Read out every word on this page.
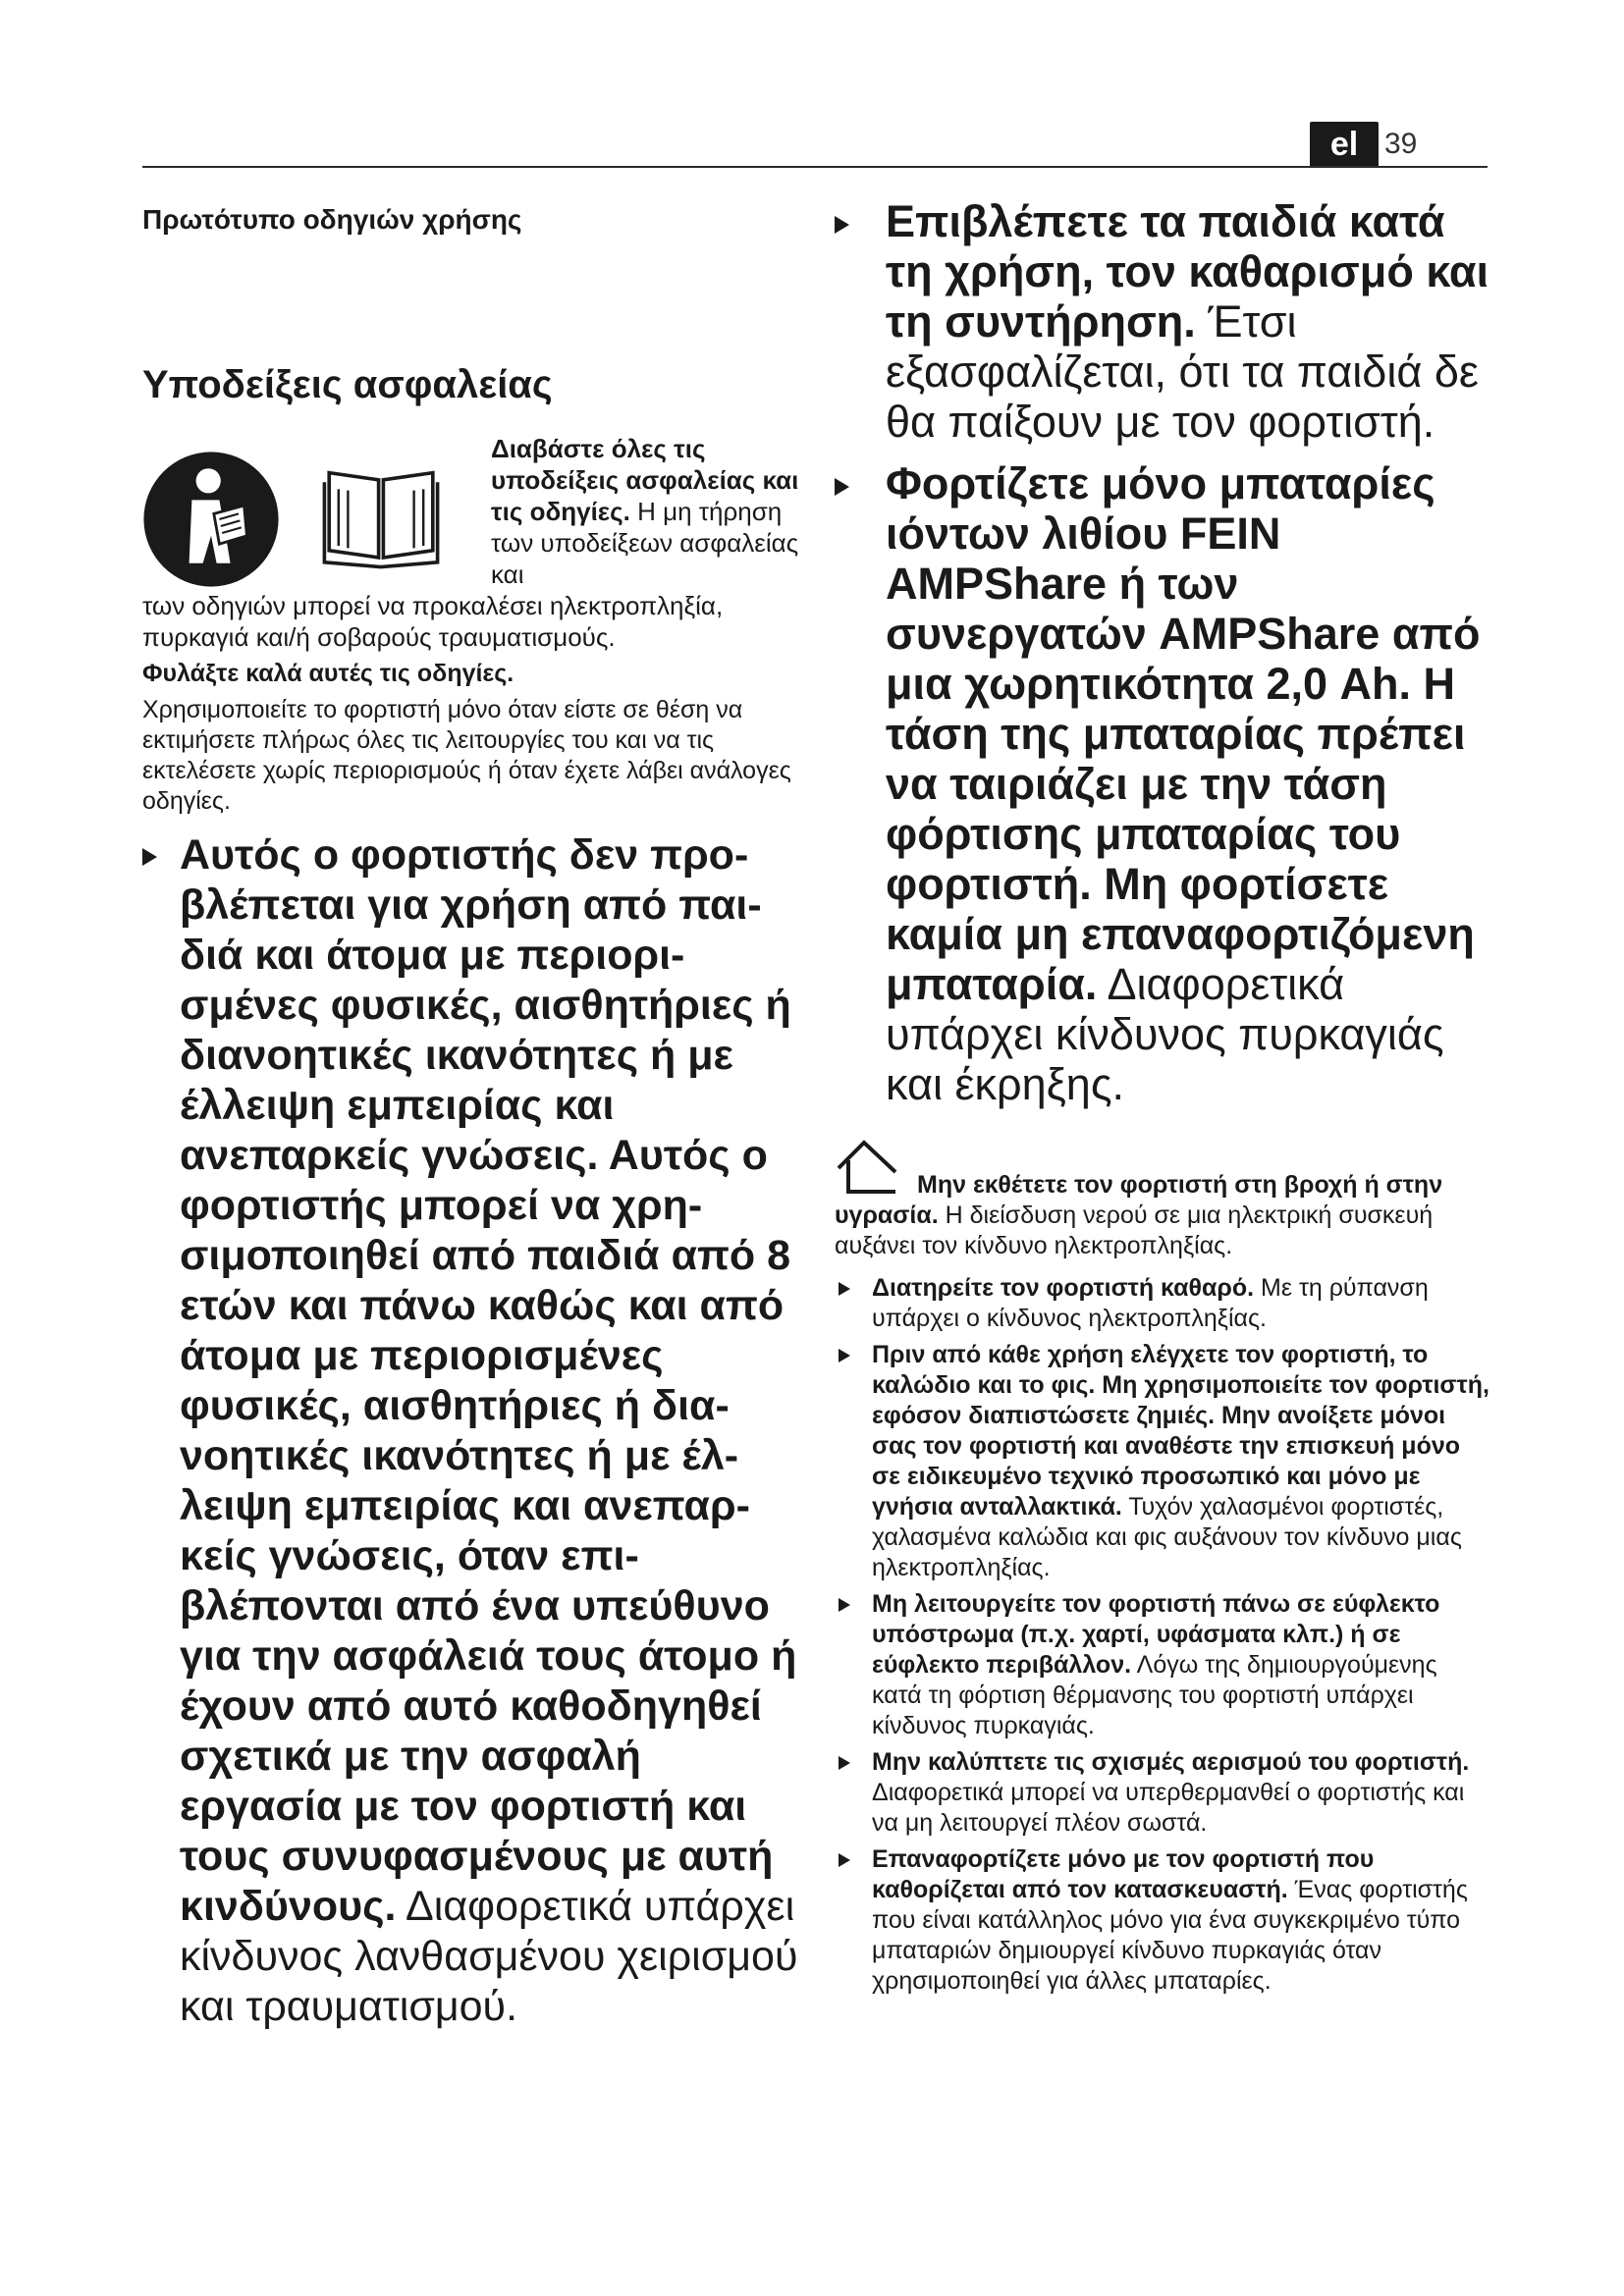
el 39
Πρωτότυπο οδηγιών χρήσης
Υποδείξεις ασφαλείας
Διαβάστε όλες τις υποδείξεις ασφαλείας και τις οδηγίες. Η μη τήρηση των υποδείξεων ασφαλείας και
των οδηγιών μπορεί να προκαλέσει ηλεκτροπληξία, πυρκαγιά και/ή σοβαρούς τραυματισμούς.
Φυλάξτε καλά αυτές τις οδηγίες.
Χρησιμοποιείτε το φορτιστή μόνο όταν είστε σε θέση να εκτιμήσετε πλήρως όλες τις λειτουργίες του και να τις εκτελέσετε χωρίς περιορισμούς ή όταν έχετε λάβει ανάλογες οδηγίες.
Αυτός ο φορτιστής δεν προβλέπεται για χρήση από παιδιά και άτομα με περιορισμένες φυσικές, αισθητήριες ή διανοητικές ικανότητες ή με έλλειψη εμπειρίας και ανεπαρκείς γνώσεις. Αυτός ο φορτιστής μπορεί να χρησιμοποιηθεί από παιδιά από 8 ετών και πάνω καθώς και από άτομα με περιορισμένες φυσικές, αισθητήριες ή διανοητικές ικανότητες ή με έλλειψη εμπειρίας και ανεπαρκείς γνώσεις, όταν επιβλέπονται από ένα υπεύθυνο για την ασφάλειά τους άτομο ή έχουν από αυτό καθοδηγηθεί σχετικά με την ασφαλή εργασία με τον φορτιστή και τους συνυφασμένους με αυτή κινδύνους. Διαφορετικά υπάρχει κίνδυνος λανθασμένου χειρισμού και τραυματισμού.
Επιβλέπετε τα παιδιά κατά τη χρήση, τον καθαρισμό και τη συντήρηση. Έτσι εξασφαλίζεται, ότι τα παιδιά δε θα παίξουν με τον φορτιστή.
Φορτίζετε μόνο μπαταρίες ιόντων λιθίου FEIN AMPShare ή των συνεργατών AMPShare από μια χωρητικότητα 2,0 Ah. Η τάση της μπαταρίας πρέπει να ταιριάζει με την τάση φόρτισης μπαταρίας του φορτιστή. Μη φορτίσετε καμία μη επαναφορτιζόμενη μπαταρία. Διαφορετικά υπάρχει κίνδυνος πυρκαγιάς και έκρηξης.
Μην εκθέτετε τον φορτιστή στη βροχή ή στην υγρασία. Η διείσδυση νερού σε μια ηλεκτρική συσκευή αυξάνει τον κίνδυνο ηλεκτροπληξίας.
Διατηρείτε τον φορτιστή καθαρό. Με τη ρύπανση υπάρχει ο κίνδυνος ηλεκτροπληξίας.
Πριν από κάθε χρήση ελέγχετε τον φορτιστή, το καλώδιο και το φις. Μη χρησιμοποιείτε τον φορτιστή, εφόσον διαπιστώσετε ζημιές. Μην ανοίξετε μόνοι σας τον φορτιστή και αναθέστε την επισκευή μόνο σε ειδικευμένο τεχνικό προσωπικό και μόνο με γνήσια ανταλλακτικά. Τυχόν χαλασμένοι φορτιστές, χαλασμένα καλώδια και φις αυξάνουν τον κίνδυνο μιας ηλεκτροπληξίας.
Μη λειτουργείτε τον φορτιστή πάνω σε εύφλεκτο υπόστρωμα (π.χ. χαρτί, υφάσματα κλπ.) ή σε εύφλεκτο περιβάλλον. Λόγω της δημιουργούμενης κατά τη φόρτιση θέρμανσης του φορτιστή υπάρχει κίνδυνος πυρκαγιάς.
Μην καλύπτετε τις σχισμές αερισμού του φορτιστή. Διαφορετικά μπορεί να υπερθερμανθεί ο φορτιστής και να μη λειτουργεί πλέον σωστά.
Επαναφορτίζετε μόνο με τον φορτιστή που καθορίζεται από τον κατασκευαστή. Ένας φορτιστής που είναι κατάλληλος μόνο για ένα συγκεκριμένο τύπο μπαταριών δημιουργεί κίνδυνο πυρκαγιάς όταν χρησιμοποιηθεί για άλλες μπαταρίες.
